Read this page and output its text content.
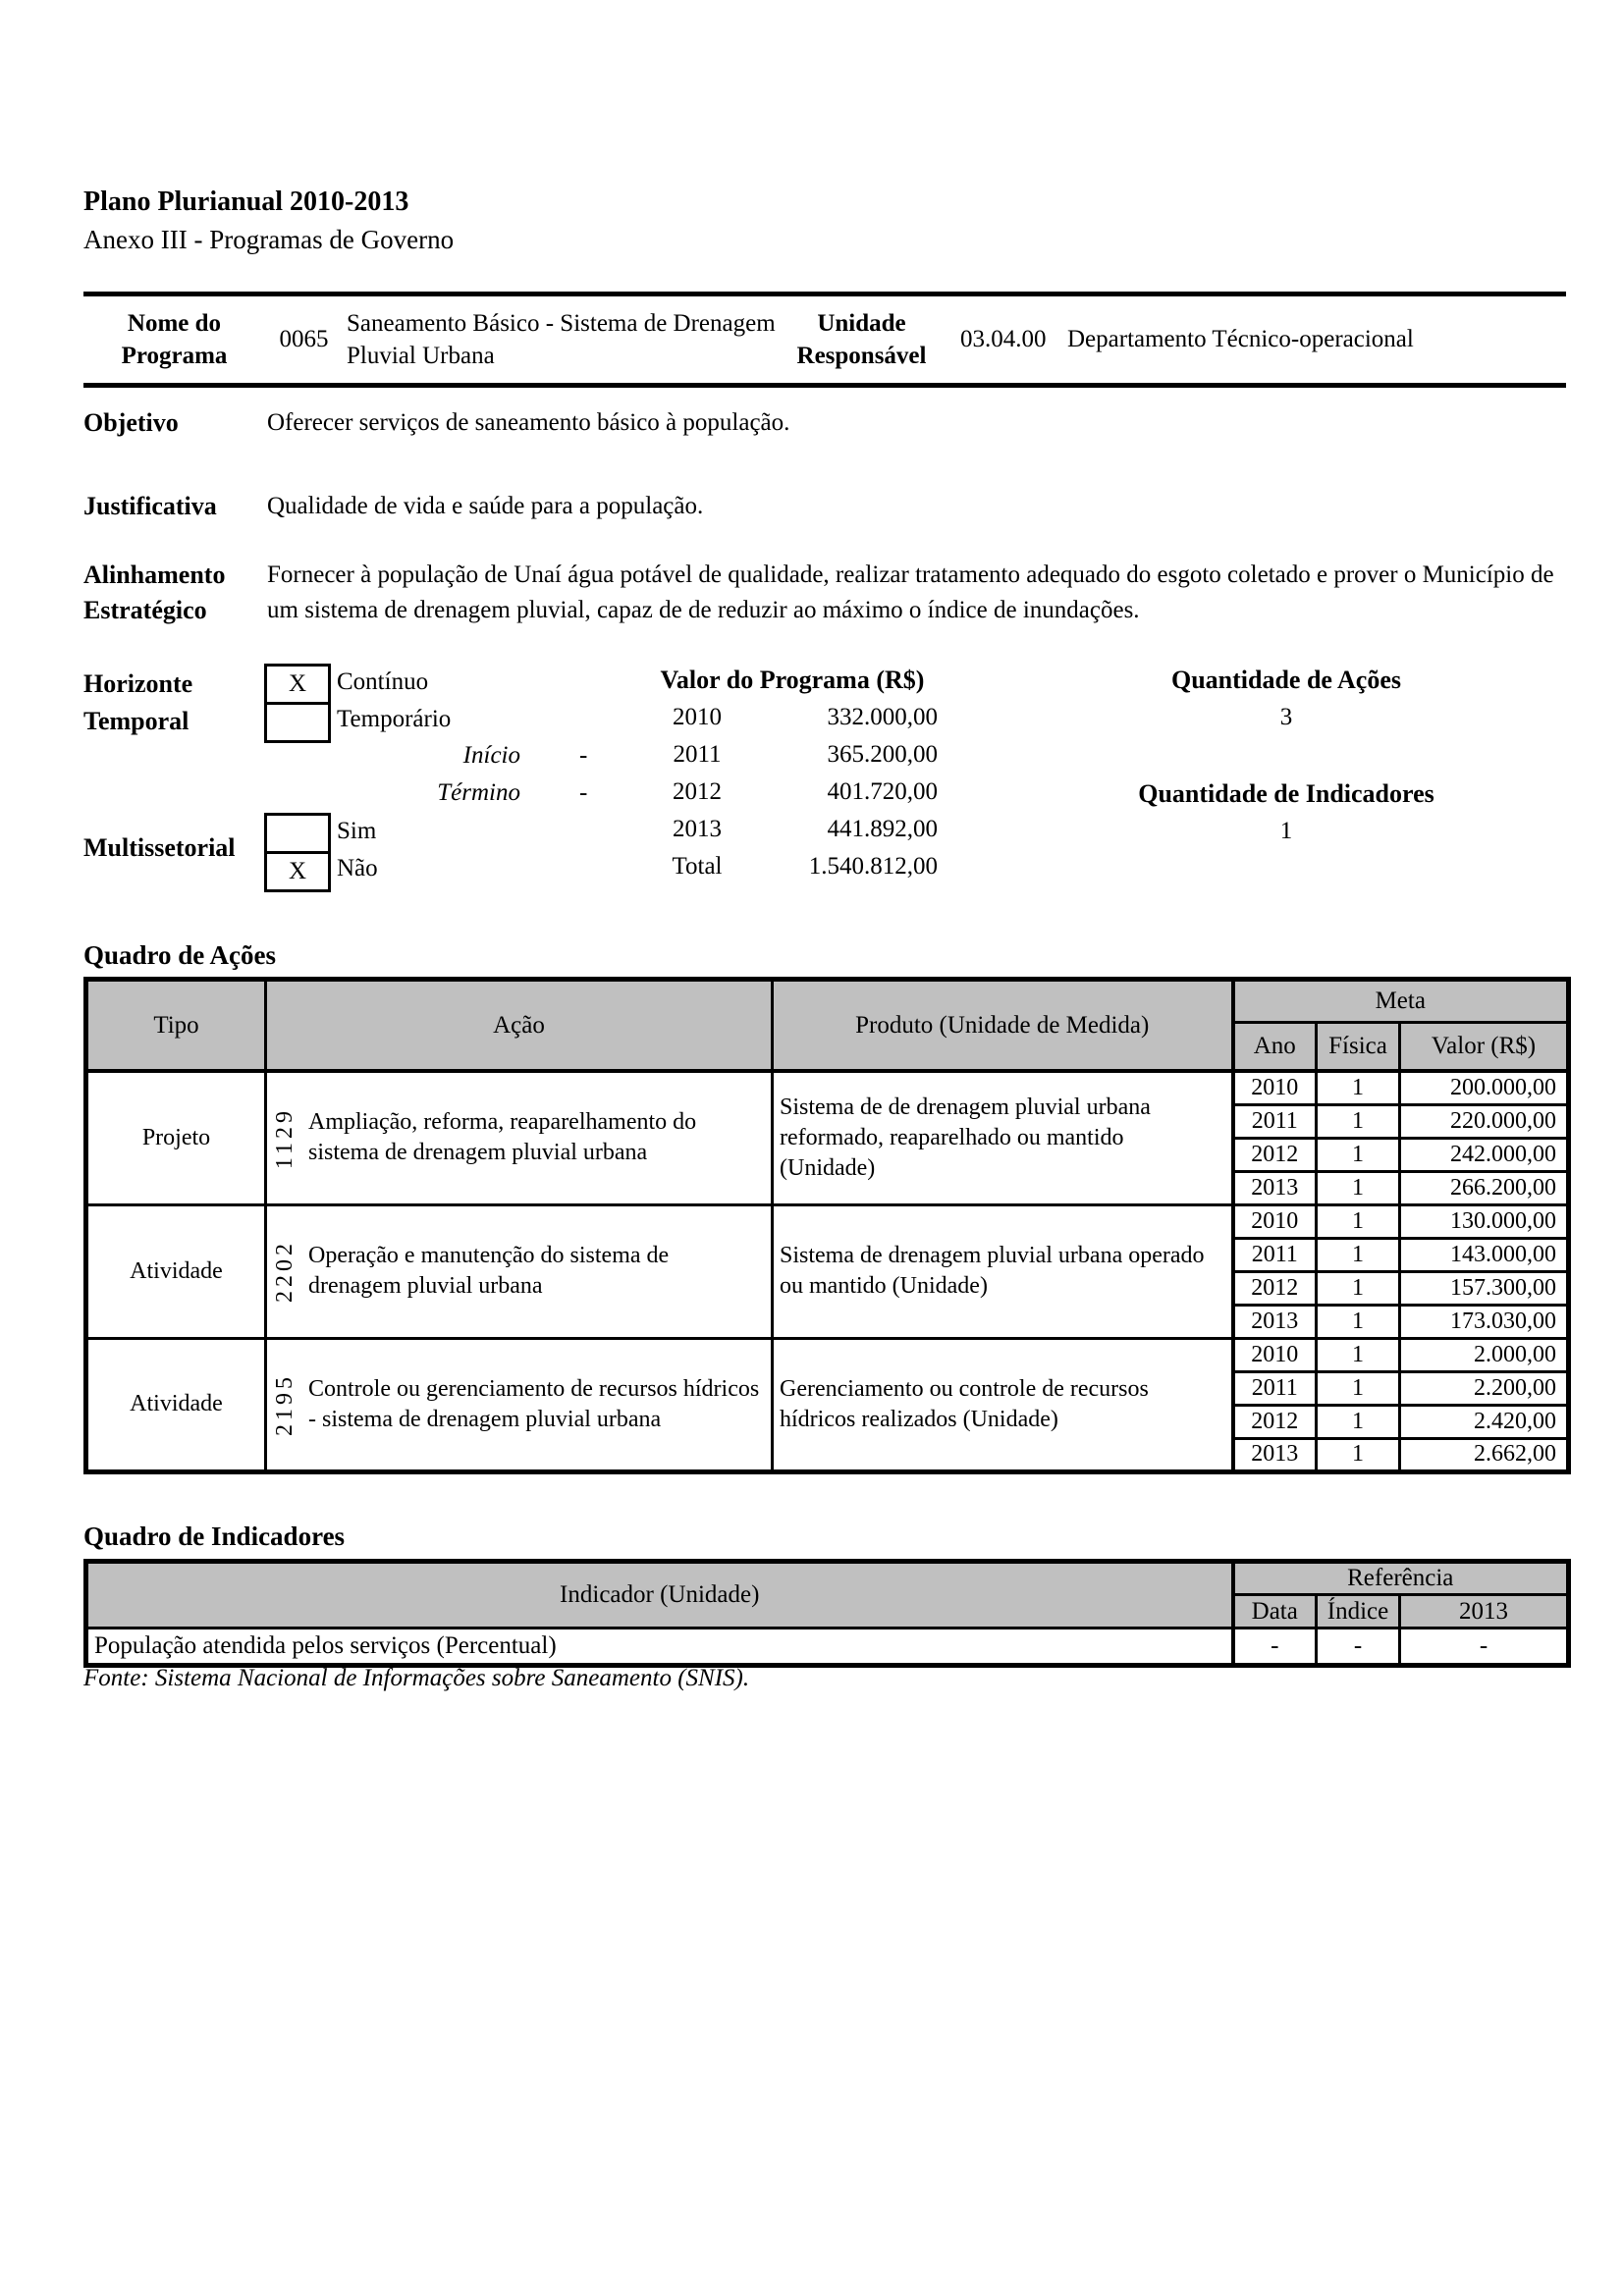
Plano Plurianual 2010-2013
Anexo III - Programas de Governo
Nome do Programa
0065
Saneamento Básico - Sistema de Drenagem Pluvial Urbana
Unidade Responsável
03.04.00 Departamento Técnico-operacional
Objetivo	Oferecer serviços de saneamento básico à população.
Justificativa Qualidade de vida e saúde para a população.
Alinhamento Estratégico
Fornecer à população de Unaí água potável de qualidade, realizar tratamento adequado do esgoto coletado e prover o Município de um sistema de drenagem pluvial, capaz de de reduzir ao máximo o índice de inundações.
Horizonte Temporal
X Contínuo
Temporário
Início -
Término -
Multissetorial
X
Sim
Não
Valor do Programa (R$)
2010	332.000,00
2011	365.200,00
2012	401.720,00
2013	441.892,00
Total	1.540.812,00
Quantidade de Ações
3
Quantidade de Indicadores
1
Quadro de Ações
Tipo	Ação	Produto (Unidade de Medida)	Meta		
			Ano	Física	Valor (R$)
Projeto	1129 Ampliação, reforma, reaparelhamento do sistema de drenagem pluvial urbana	Sistema de de drenagem pluvial urbana reformado, reaparelhado ou mantido (Unidade)	2010	1	200.000,00
			2011	1	220.000,00
			2012	1	242.000,00
			2013	1	266.200,00
Atividade	2202 Operação e manutenção do sistema de drenagem pluvial urbana	Sistema de drenagem pluvial urbana operado ou mantido (Unidade)	2010	1	130.000,00
			2011	1	143.000,00
			2012	1	157.300,00
			2013	1	173.030,00
Atividade	2195 Controle ou gerenciamento de recursos hídricos - sistema de drenagem pluvial urbana	Gerenciamento ou controle de recursos hídricos realizados (Unidade)	2010	1	2.000,00
			2011	1	2.200,00
			2012	1	2.420,00
			2013	1	2.662,00
Quadro de Indicadores
Indicador (Unidade)	Referência		
	Data	Índice	2013
População atendida pelos serviços (Percentual)	-	-	-
Fonte: Sistema Nacional de Informações sobre Saneamento (SNIS).
